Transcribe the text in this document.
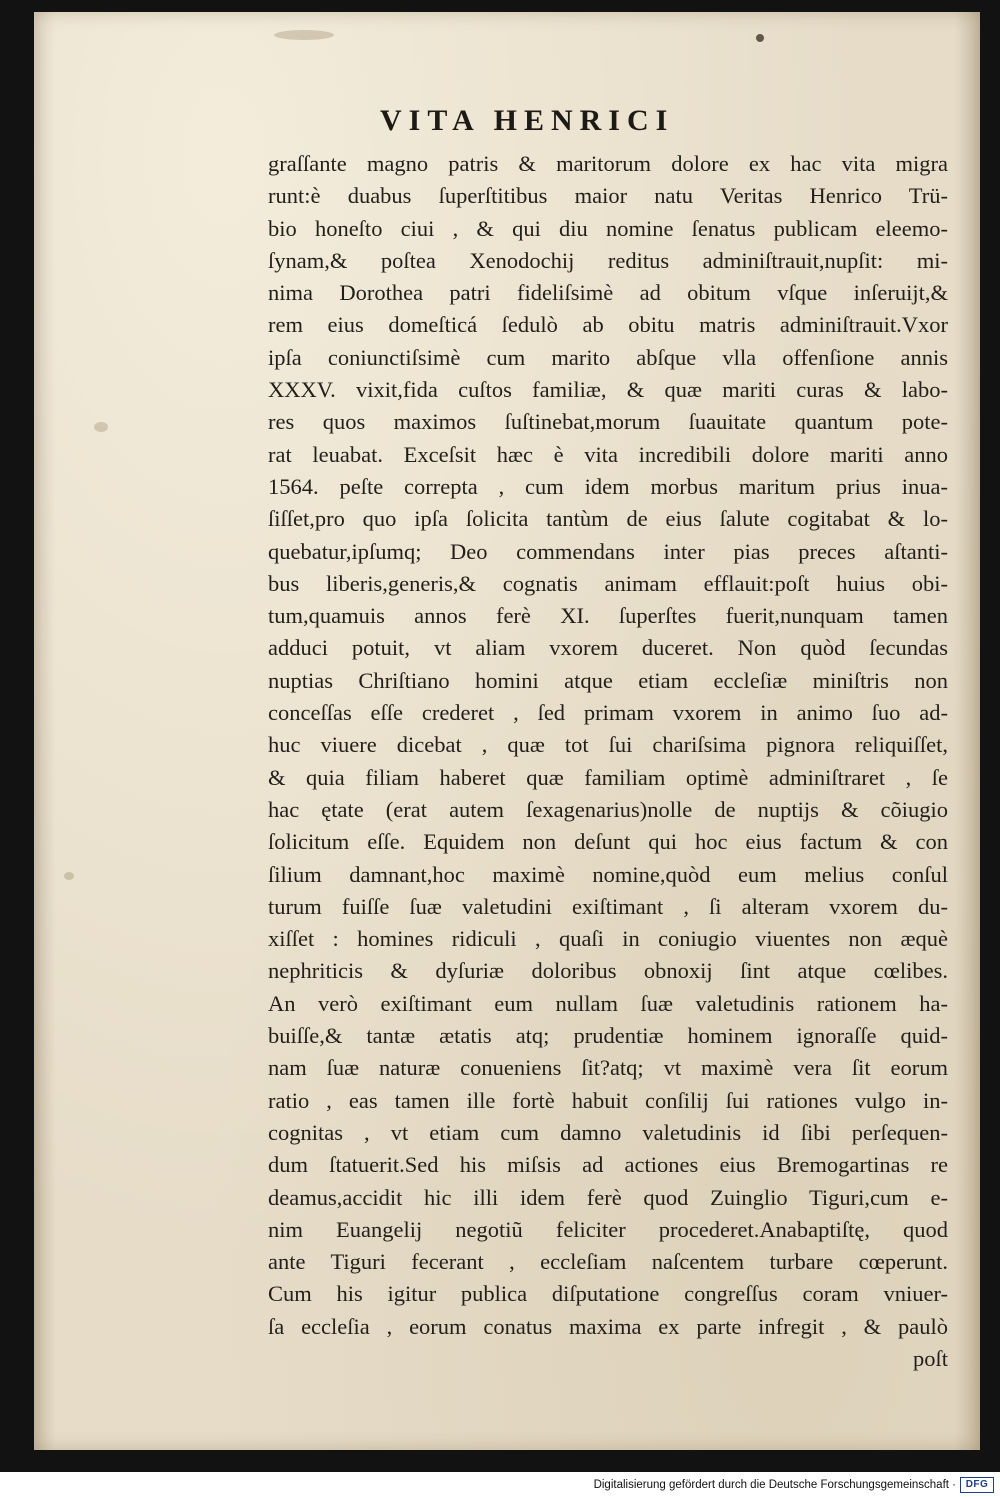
VITA HENRICI
graſſante magno patris & maritorum dolore ex hac vita migra
runt:è duabus ſuperſtitibus maior natu Veritas Henrico Trü-
bio honeſto ciui , & qui diu nomine ſenatus publicam eleemo-
ſynam,& poſtea Xenodochij reditus adminiſtrauit,nupſit: mi-
nima Dorothea patri fideliſsimè ad obitum vſque inſeruijt,&
rem eius domeſticá ſedulò ab obitu matris adminiſtrauit.Vxor
ipſa coniunctiſsimè cum marito abſque vlla offenſione annis
XXXV. vixit,fida cuſtos familiæ, & quæ mariti curas & labo-
res quos maximos ſuſtinebat,morum ſuauitate quantum pote-
rat leuabat. Exceſsit hæc è vita incredibili dolore mariti anno
1564. peſte correpta , cum idem morbus maritum prius inua-
ſiſſet,pro quo ipſa ſolicita tantùm de eius ſalute cogitabat & lo-
quebatur,ipſumq; Deo commendans inter pias preces aſtanti-
bus liberis,generis,& cognatis animam efflauit:poſt huius obi-
tum,quamuis annos ferè XI. ſuperſtes fuerit,nunquam tamen
adduci potuit, vt aliam vxorem duceret. Non quòd ſecundas
nuptias Chriſtiano homini atque etiam eccleſiæ miniſtris non
conceſſas eſſe crederet , ſed primam vxorem in animo ſuo ad-
huc viuere dicebat , quæ tot ſui chariſsima pignora reliquiſſet,
& quia filiam haberet quæ familiam optimè adminiſtraret , ſe
hac ętate (erat autem ſexagenarius)nolle de nuptijs & cõiugio
ſolicitum eſſe. Equidem non deſunt qui hoc eius factum & con
ſilium damnant,hoc maximè nomine,quòd eum melius conſul
turum fuiſſe ſuæ valetudini exiſtimant , ſi alteram vxorem du-
xiſſet : homines ridiculi , quaſi in coniugio viuentes non æquè
nephriticis & dyſuriæ doloribus obnoxij ſint atque cœlibes.
An verò exiſtimant eum nullam ſuæ valetudinis rationem ha-
buiſſe,& tantæ ætatis atq; prudentiæ hominem ignoraſſe quid-
nam ſuæ naturæ conueniens ſit?atq; vt maximè vera ſit eorum
ratio , eas tamen ille fortè habuit conſilij ſui rationes vulgo in-
cognitas , vt etiam cum damno valetudinis id ſibi perſequen-
dum ſtatuerit.Sed his miſsis ad actiones eius Bremogartinas re
deamus,accidit hic illi idem ferè quod Zuinglio Tiguri,cum e-
nim Euangelij negotiũ feliciter procederet.Anabaptiſtę, quod
ante Tiguri fecerant , eccleſiam naſcentem turbare cœperunt.
Cum his igitur publica diſputatione congreſſus coram vniuer-
ſa eccleſia , eorum conatus maxima ex parte infregit , & paulò
poſt
Digitalisierung gefördert durch die Deutsche Forschungsgemeinschaft · DFG
